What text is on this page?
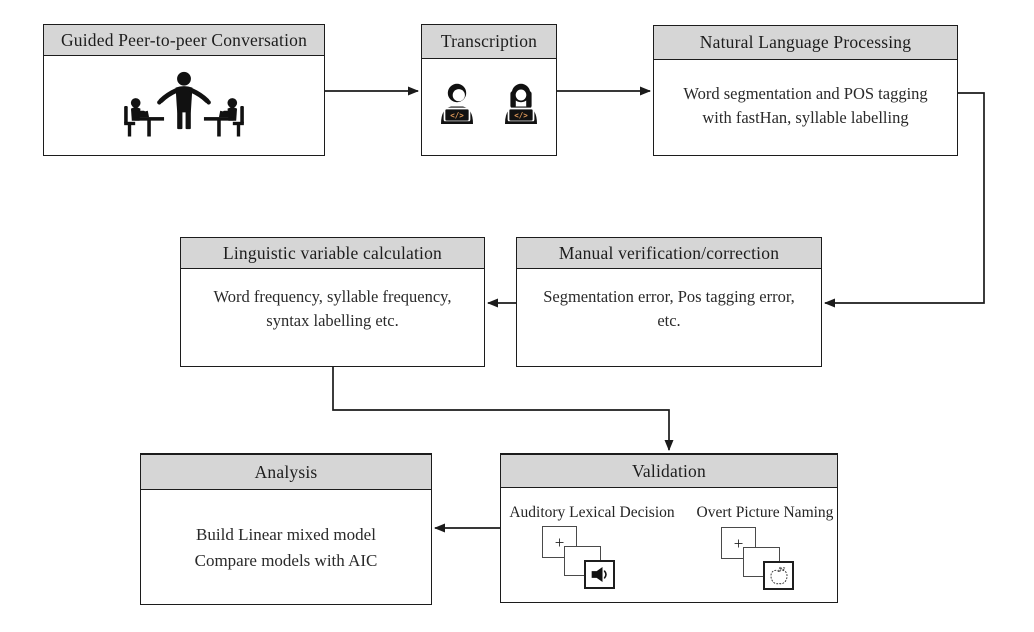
Guided Peer-to-peer Conversation	Transcription
</>	</>
Natural Language Processing
Word segmentation and POS tagging
with fastHan, syllable labelling
Linguistic variable calculation
Word frequency, syllable frequency,
syntax labelling etc.
Manual verification/correction
Segmentation error, Pos tagging error,
etc.
Analysis
Build Linear mixed model
Compare models with AIC
Validation
Auditory Lexical Decision
+
Overt Picture Naming
+
